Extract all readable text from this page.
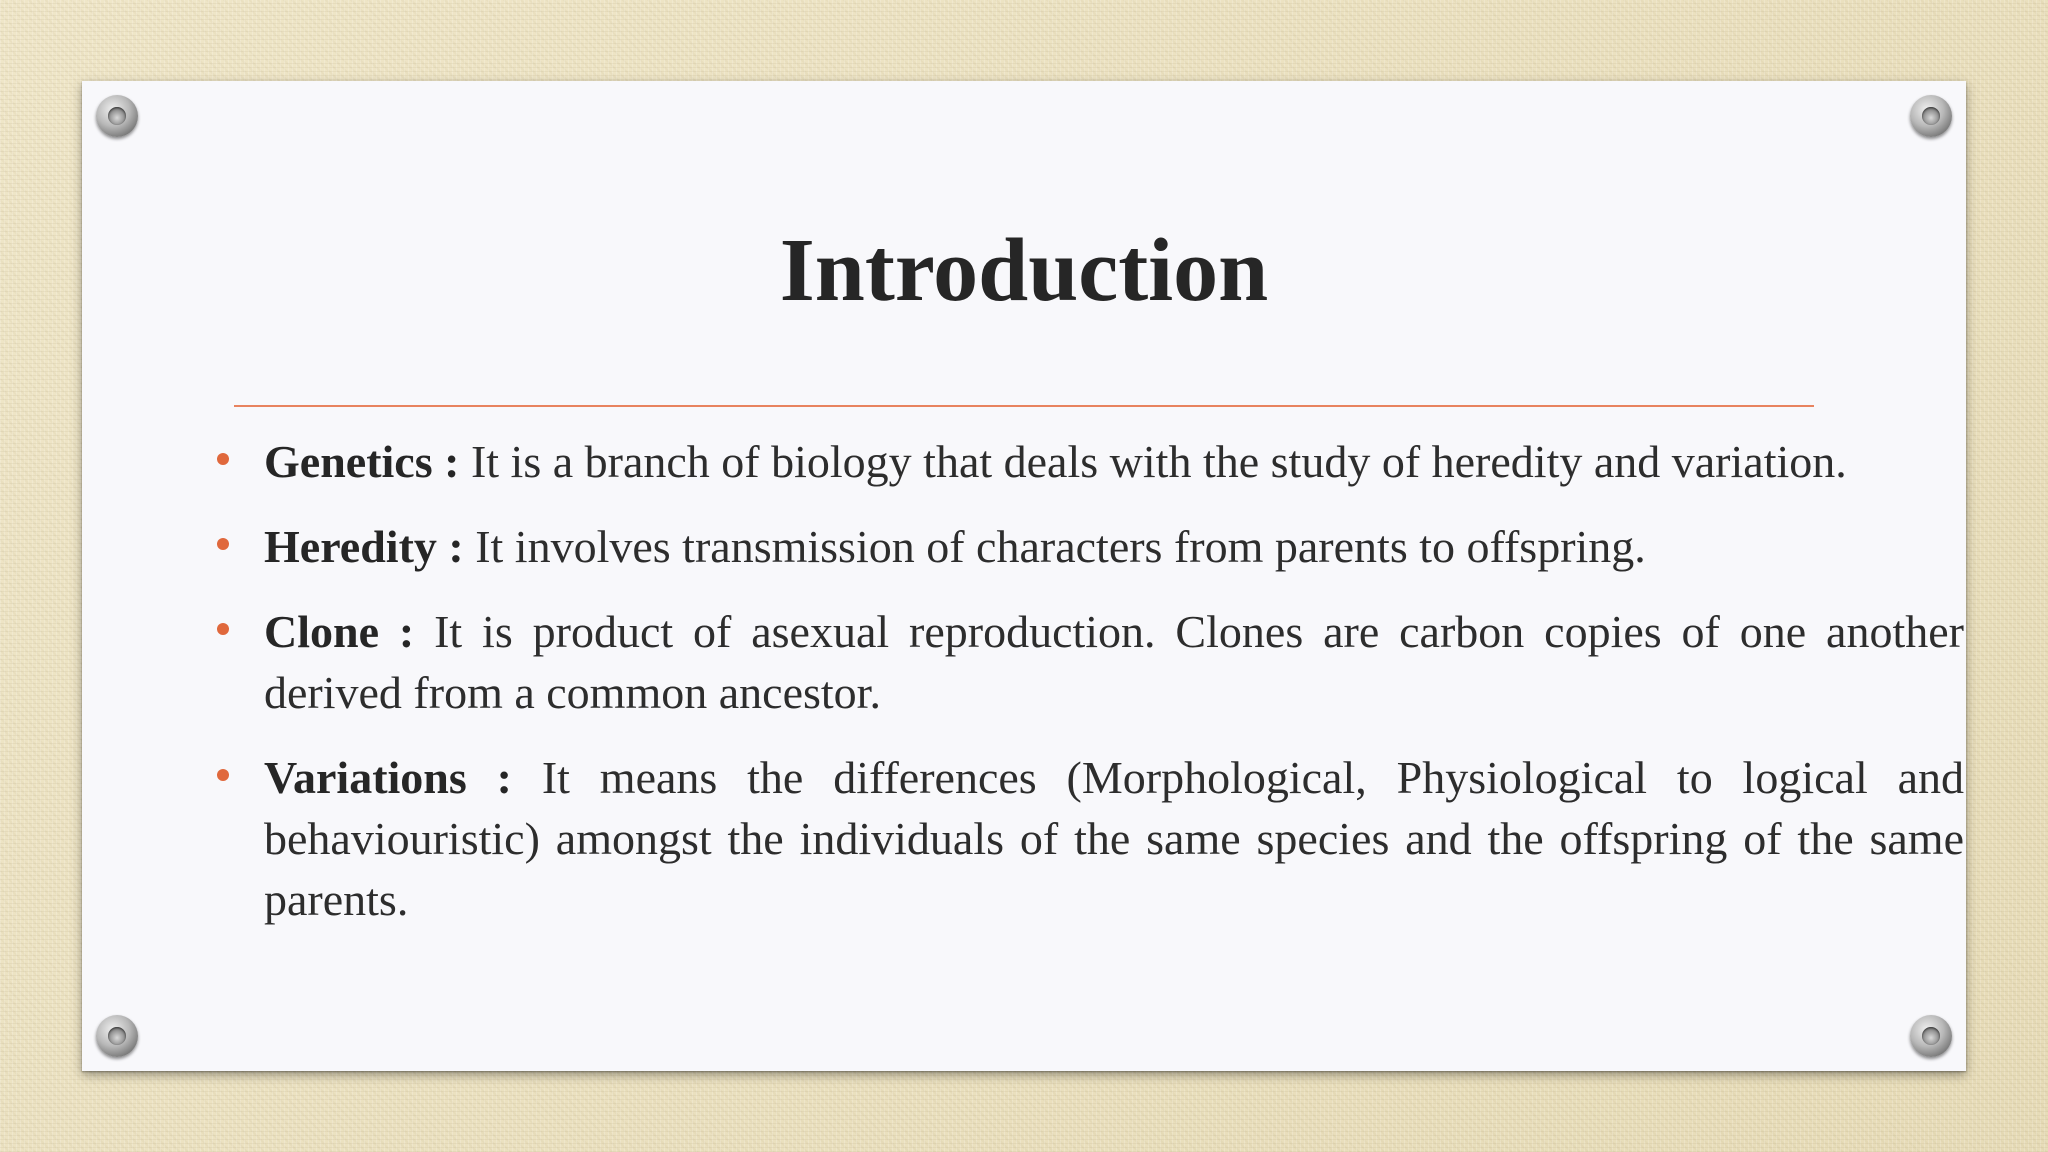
Introduction
Genetics : It is a branch of biology that deals with the study of heredity and variation.
Heredity : It involves transmission of characters from parents to offspring.
Clone : It is product of asexual reproduction. Clones are carbon copies of one another derived from a common ancestor.
Variations : It means the differences (Morphological, Physiological to logical and behaviouristic) amongst the individuals of the same species and the offspring of the same parents.
